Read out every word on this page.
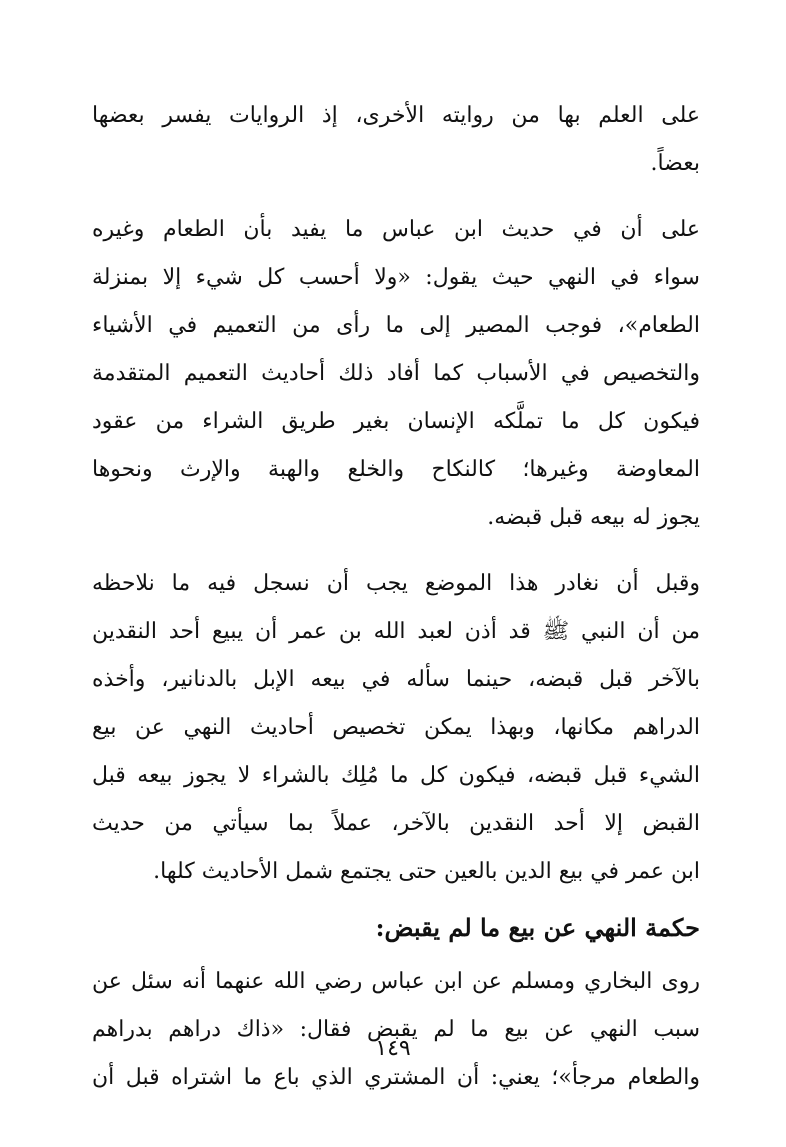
على العلم بها من روايته الأخرى، إذ الروايات يفسر بعضها
بعضاً.
على أن في حديث ابن عباس ما يفيد بأن الطعام وغيره
سواء في النهي حيث يقول: «ولا أحسب كل شيء إلا بمنزلة
الطعام»، فوجب المصير إلى ما رأى من التعميم في الأشياء
والتخصيص في الأسباب كما أفاد ذلك أحاديث التعميم المتقدمة
فيكون كل ما تملَّكه الإنسان بغير طريق الشراء من عقود
المعاوضة وغيرها؛ كالنكاح والخلع والهبة والإرث ونحوها
يجوز له بيعه قبل قبضه.
وقبل أن نغادر هذا الموضع يجب أن نسجل فيه ما نلاحظه
من أن النبي ﷺ قد أذن لعبد الله بن عمر أن يبيع أحد النقدين
بالآخر قبل قبضه، حينما سأله في بيعه الإبل بالدنانير، وأخذه
الدراهم مكانها، وبهذا يمكن تخصيص أحاديث النهي عن بيع
الشيء قبل قبضه، فيكون كل ما مُلِك بالشراء لا يجوز بيعه قبل
القبض إلا أحد النقدين بالآخر، عملاً بما سيأتي من حديث
ابن عمر في بيع الدين بالعين حتى يجتمع شمل الأحاديث كلها.
حكمة النهي عن بيع ما لم يقبض:
روى البخاري ومسلم عن ابن عباس رضي الله عنهما أنه سئل عن
سبب النهي عن بيع ما لم يقبض فقال: «ذاك دراهم بدراهم
والطعام مرجأ»؛ يعني: أن المشتري الذي باع ما اشتراه قبل أن
١٤٩
